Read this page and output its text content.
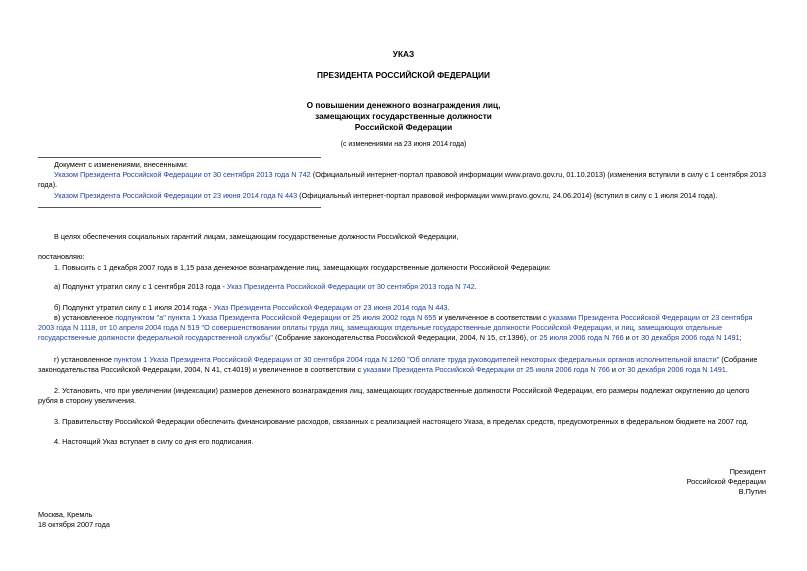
УКАЗ
ПРЕЗИДЕНТА РОССИЙСКОЙ ФЕДЕРАЦИИ
О повышении денежного вознаграждения лиц,
замещающих государственные должности
Российской Федерации
(с изменениями на 23 июня 2014 года)
Документ с изменениями, внесенными:
Указом Президента Российской Федерации от 30 сентября 2013 года N 742 (Официальный интернет-портал правовой информации www.pravo.gov.ru, 01.10.2013) (изменения вступили в силу с 1 сентября 2013 года).
Указом Президента Российской Федерации от 23 июня 2014 года N 443 (Официальный интернет-портал правовой информации www.pravo.gov.ru, 24.06.2014) (вступил в силу с 1 июля 2014 года).
В целях обеспечения социальных гарантий лицам, замещающим государственные должности Российской Федерации,
постановляю:
1. Повысить с 1 декабря 2007 года в 1,15 раза денежное вознаграждение лиц, замещающих государственные должности Российской Федерации:
а) Подпункт утратил силу с 1 сентября 2013 года - Указ Президента Российской Федерации от 30 сентября 2013 года N 742.
б) Подпункт утратил силу с 1 июля 2014 года - Указ Президента Российской Федерации от 23 июня 2014 года N 443.
в) установленное подпунктом "а" пункта 1 Указа Президента Российской Федерации от 25 июля 2002 года N 655 и увеличенное в соответствии с указами Президента Российской Федерации от 23 сентября 2003 года N 1118, от 10 апреля 2004 года N 519 "О совершенствовании оплаты труда лиц, замещающих отдельные государственные должности Российской Федерации, и лиц, замещающих отдельные государственные должности федеральной государственной службы" (Собрание законодательства Российской Федерации, 2004, N 15, ст.1396), от 25 июля 2006 года N 766 и от 30 декабря 2006 года N 1491;
г) установленное пунктом 1 Указа Президента Российской Федерации от 30 сентября 2004 года N 1260 "Об оплате труда руководителей некоторых федеральных органов исполнительной власти" (Собрание законодательства Российской Федерации, 2004, N 41, ст.4019) и увеличенное в соответствии с указами Президента Российской Федерации от 25 июля 2006 года N 766 и от 30 декабря 2006 года N 1491.
2. Установить, что при увеличении (индексации) размеров денежного вознаграждения лиц, замещающих государственные должности Российской Федерации, его размеры подлежат округлению до целого рубля в сторону увеличения.
3. Правительству Российской Федерации обеспечить финансирование расходов, связанных с реализацией настоящего Указа, в пределах средств, предусмотренных в федеральном бюджете на 2007 год.
4. Настоящий Указ вступает в силу со дня его подписания.
Президент
Российской Федерации
В.Путин
Москва, Кремль
18 октября 2007 года
